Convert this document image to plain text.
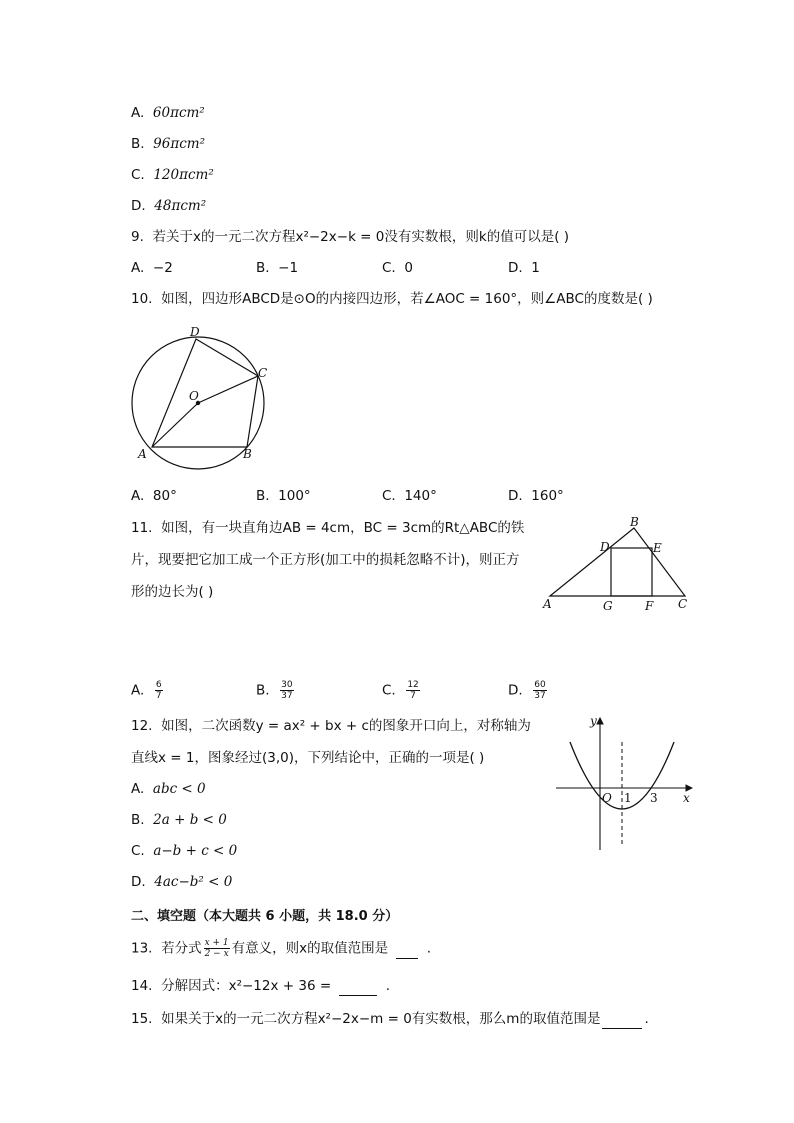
A. 60πcm²
B. 96πcm²
C. 120πcm²
D. 48πcm²
9. 若关于x的一元二次方程x²−2x−k = 0没有实数根，则k的值可以是( )
A. −2	B. −1	C. 0	D. 1
10. 如图，四边形ABCD是⊙O的内接四边形，若∠AOC = 160°，则∠ABC的度数是( )
D
C
O
A	B
A. 80°	B. 100°	C. 140°	D. 160°
11. 如图，有一块直角边AB = 4cm，BC = 3cm的Rt△ABC的铁
片，现要把它加工成一个正方形(加工中的损耗忽略不计)，则正方
形的边长为( )
B
D	E
A	G	F C
A. $\frac{6}{7}$	B. $\frac{30}{37}$	C. $\frac{12}{7}$	D. $\frac{60}{37}$
12. 如图，二次函数y = ax² + bx + c的图象开口向上，对称轴为
直线x = 1，图象经过(3,0)，下列结论中，正确的一项是( )
A. abc < 0
B. 2a + b < 0
C. a−b + c < 0
D. 4ac−b² < 0
y
x
O 1 3
二、填空题（本大题共 6 小题，共 18.0 分）
13. 若分式 $\frac{x + 1}{2 - x}$ 有意义，则x的取值范围是	.
14. 分解因式：x²−12x + 36 =	.
15. 如果关于x的一元二次方程x²−2x−m = 0有实数根，那么m的取值范围是	.
